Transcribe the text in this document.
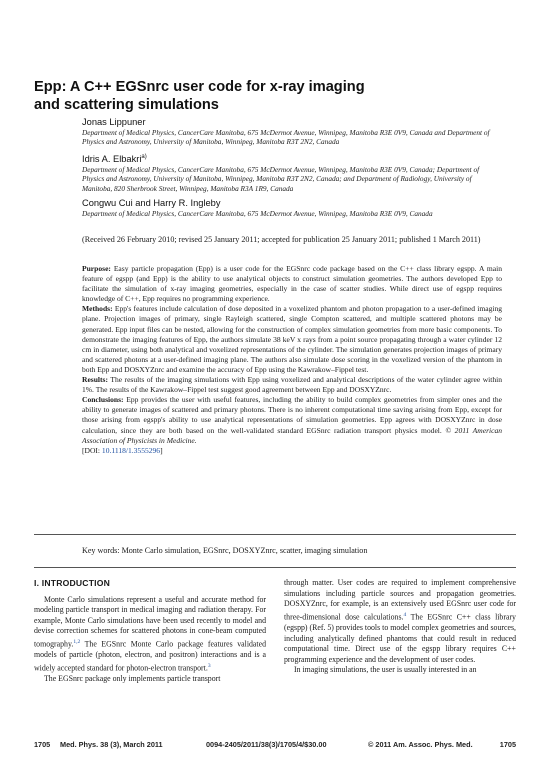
Epp: A C++ EGSnrc user code for x-ray imaging
and scattering simulations
Jonas Lippuner
Department of Medical Physics, CancerCare Manitoba, 675 McDermot Avenue, Winnipeg, Manitoba R3E 0V9, Canada and Department of Physics and Astronomy, University of Manitoba, Winnipeg, Manitoba R3T 2N2, Canada
Idris A. Elbakri$^{a)}$
Department of Medical Physics, CancerCare Manitoba, 675 McDermot Avenue, Winnipeg, Manitoba R3E 0V9, Canada; Department of Physics and Astronomy, University of Manitoba, Winnipeg, Manitoba R3T 2N2, Canada; and Department of Radiology, University of Manitoba, 820 Sherbrook Street, Winnipeg, Manitoba R3A 1R9, Canada
Congwu Cui and Harry R. Ingleby
Department of Medical Physics, CancerCare Manitoba, 675 McDermot Avenue, Winnipeg, Manitoba R3E 0V9, Canada
(Received 26 February 2010; revised 25 January 2011; accepted for publication 25 January 2011; published 1 March 2011)

Purpose: Easy particle propagation (Epp) is a user code for the EGSnrc code package based on the C++ class library egspp. A main feature of egspp (and Epp) is the ability to use analytical objects to construct simulation geometries. The authors developed Epp to facilitate the simulation of x-ray imaging geometries, especially in the case of scatter studies. While direct use of egspp requires knowledge of C++, Epp requires no programming experience.

Methods: Epp's features include calculation of dose deposited in a voxelized phantom and photon propagation to a user-defined imaging plane. Projection images of primary, single Rayleigh scattered, single Compton scattered, and multiple scattered photons may be generated. Epp input files can be nested, allowing for the construction of complex simulation geometries from more basic components. To demonstrate the imaging features of Epp, the authors simulate 38 keV x rays from a point source propagating through a water cylinder 12 cm in diameter, using both analytical and voxelized representations of the cylinder. The simulation generates projection images of primary and scattered photons at a user-defined imaging plane. The authors also simulate dose scoring in the voxelized version of the phantom in both Epp and DOSXYZnrc and examine the accuracy of Epp using the Kawrakow–Fippel test.

Results: The results of the imaging simulations with Epp using voxelized and analytical descriptions of the water cylinder agree within 1%. The results of the Kawrakow–Fippel test suggest good agreement between Epp and DOSXYZnrc.

Conclusions: Epp provides the user with useful features, including the ability to build complex geometries from simpler ones and the ability to generate images of scattered and primary photons. There is no inherent computational time saving arising from Epp, except for those arising from egspp's ability to use analytical representations of simulation geometries. Epp agrees with DOSXYZnrc in dose calculation, since they are both based on the well-validated standard EGSnrc radiation transport physics model. © 2011 American Association of Physicists in Medicine.
[DOI: 10.1118/1.3555296]

Key words: Monte Carlo simulation, EGSnrc, DOSXYZnrc, scatter, imaging simulation
I. INTRODUCTION

Monte Carlo simulations represent a useful and accurate method for modeling particle transport in medical imaging and radiation therapy. For example, Monte Carlo simulations have been used recently to model and devise correction schemes for scattered photons in cone-beam computed tomography.$^{1,2}$ The EGSnrc Monte Carlo package features validated models of particle (photon, electron, and positron) interactions and is a widely accepted standard for photon-electron transport.$^3$

The EGSnrc package only implements particle transport

through matter. User codes are required to implement comprehensive simulations including particle sources and propagation geometries. DOSXYZnrc, for example, is an extensively used EGSnrc user code for three-dimensional dose calculations.$^4$ The EGSnrc C++ class library (egspp) (Ref. 5) provides tools to model complex geometries and sources, including analytically defined phantoms that could result in reduced computational time. Direct use of the egspp library requires C++ programming experience and the development of user codes.

In imaging simulations, the user is usually interested in an

1705 Med. Phys. 38 (3), March 2011	0094-2405/2011/38(3)/1705/4/$30.00	© 2011 Am. Assoc. Phys. Med.	1705
